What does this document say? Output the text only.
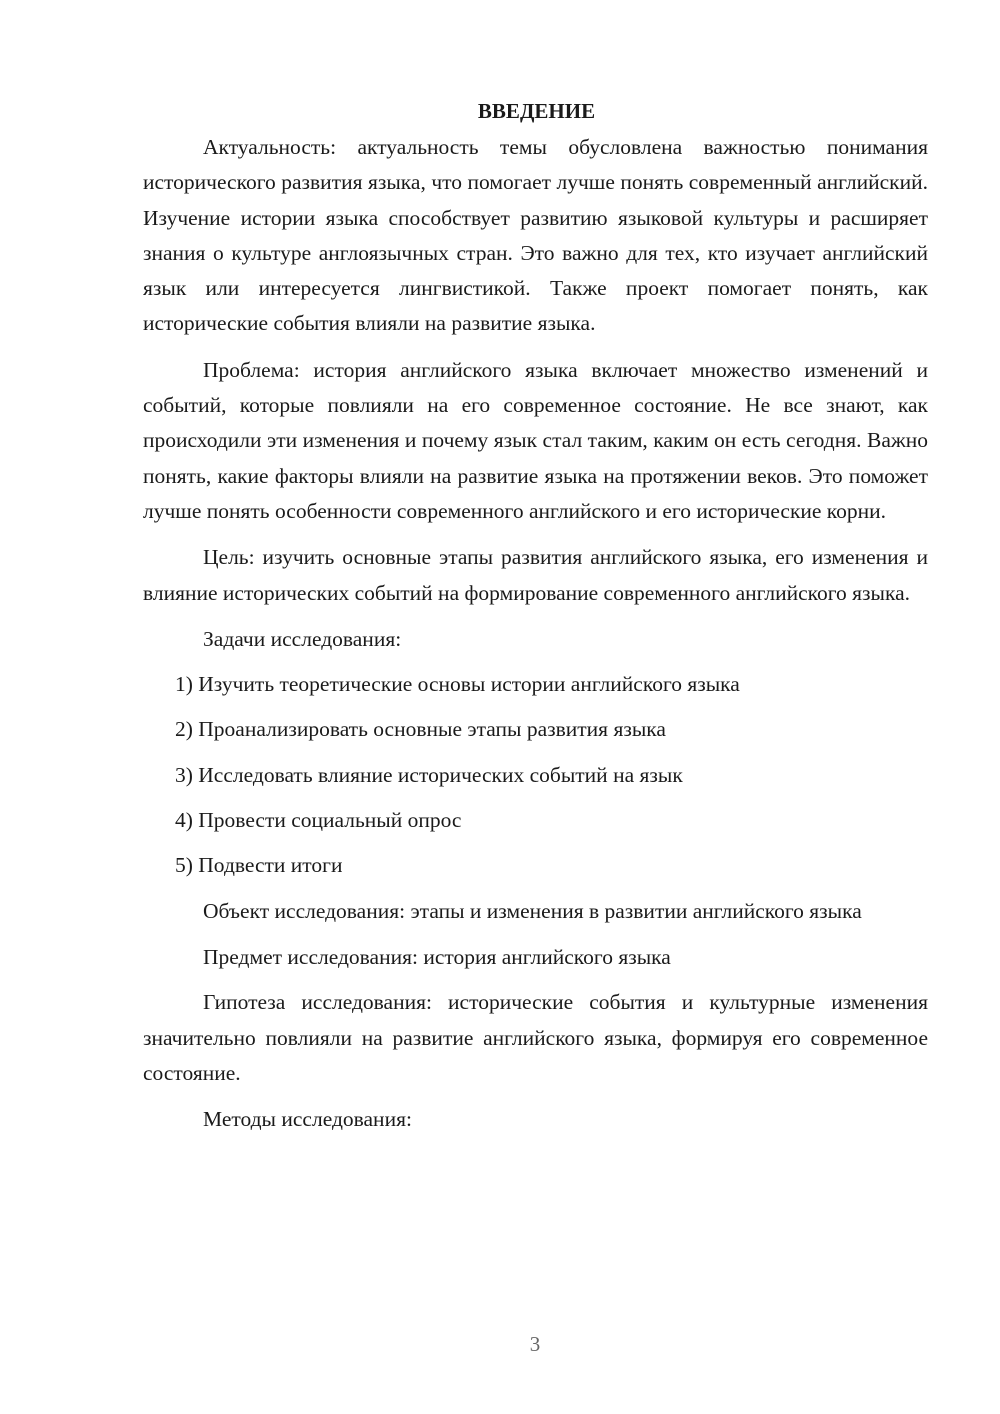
ВВЕДЕНИЕ

Актуальность: актуальность темы обусловлена важностью понимания исторического развития языка, что помогает лучше понять современный английский. Изучение истории языка способствует развитию языковой культуры и расширяет знания о культуре англоязычных стран. Это важно для тех, кто изучает английский язык или интересуется лингвистикой. Также проект помогает понять, как исторические события влияли на развитие языка.

Проблема: история английского языка включает множество изменений и событий, которые повлияли на его современное состояние. Не все знают, как происходили эти изменения и почему язык стал таким, каким он есть сегодня. Важно понять, какие факторы влияли на развитие языка на протяжении веков. Это поможет лучше понять особенности современного английского и его исторические корни.

Цель: изучить основные этапы развития английского языка, его изменения и влияние исторических событий на формирование современного английского языка.

Задачи исследования:

1) Изучить теоретические основы истории английского языка
2) Проанализировать основные этапы развития языка
3) Исследовать влияние исторических событий на язык
4) Провести социальный опрос
5) Подвести итоги

Объект исследования: этапы и изменения в развитии английского языка

Предмет исследования: история английского языка

Гипотеза исследования: исторические события и культурные изменения значительно повлияли на развитие английского языка, формируя его современное состояние.

Методы исследования:

3
